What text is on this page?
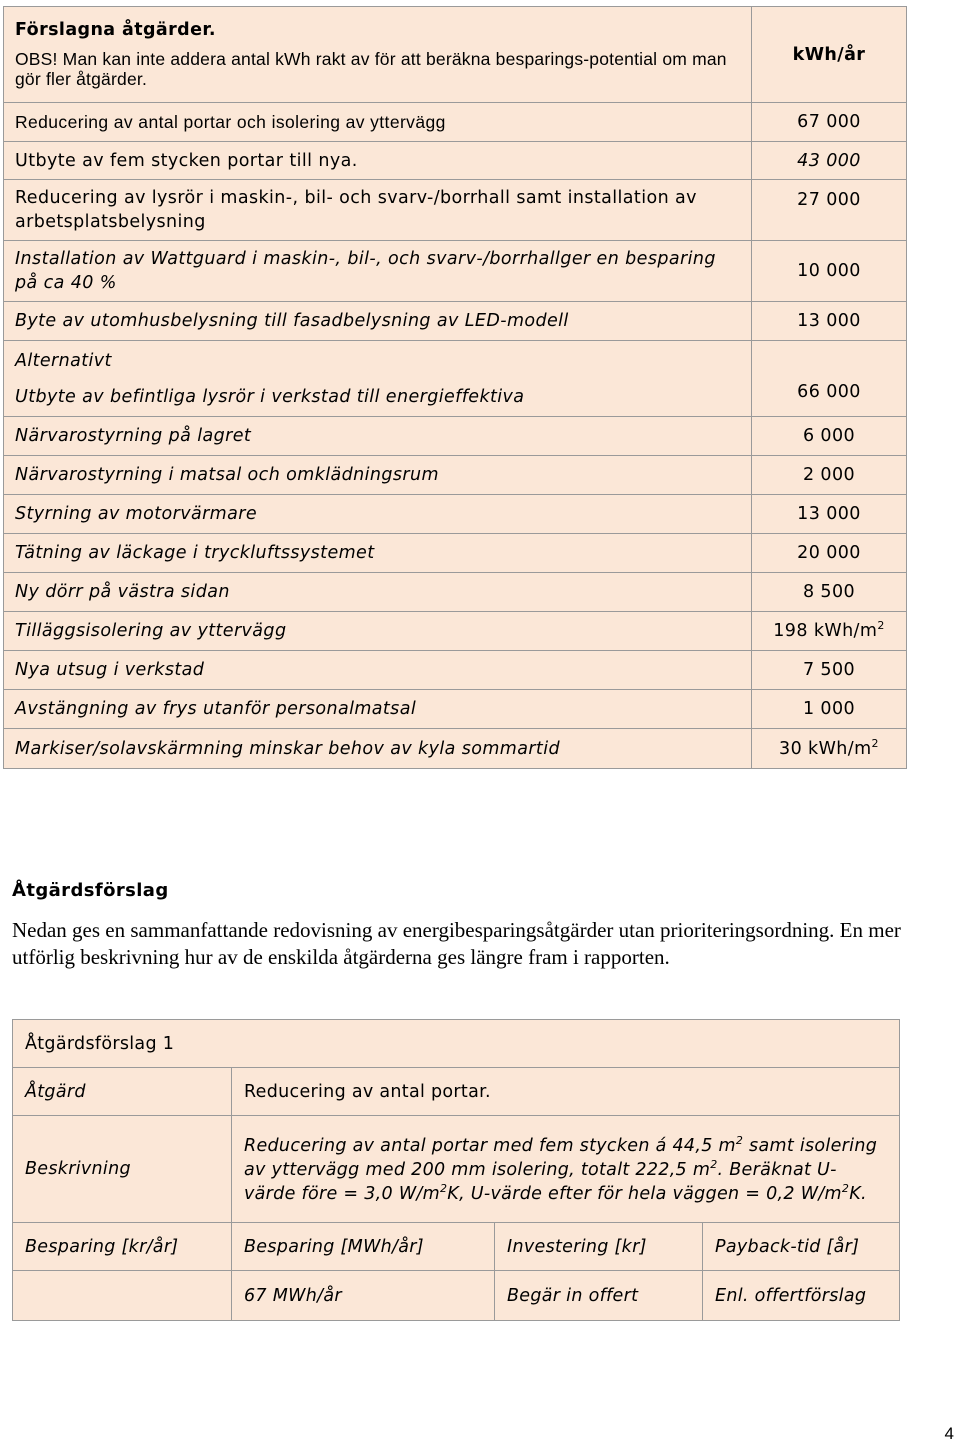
Förslagna åtgärder.
OBS! Man kan inte addera antal kWh rakt av för att beräkna besparings-potential om man gör fler åtgärder.	kWh/år
Reducering av antal portar och isolering av yttervägg	67 000
Utbyte av fem stycken portar till nya.	43 000
Reducering av lysrör i maskin-, bil- och svarv-/borrhall samt installation av arbetsplatsbelysning	27 000
Installation av Wattguard i maskin-, bil-, och svarv-/borrhallger en besparing på ca 40 %	10 000
Byte av utomhusbelysning till fasadbelysning av LED-modell	13 000

Alternativt
Utbyte av befintliga lysrör i verkstad till energieffektiva	66 000
Närvarostyrning på lagret	6 000
Närvarostyrning i matsal och omklädningsrum	2 000
Styrning av motorvärmare	13 000
Tätning av läckage i tryckluftssystemet	20 000
Ny dörr på västra sidan	8 500
Tilläggsisolering av yttervägg	198 kWh/$m^2$
Nya utsug i verkstad	7 500
Avstängning av frys utanför personalmatsal	1 000
Markiser/solavskärmning minskar behov av kyla sommartid	30 kWh/$m^2$
Åtgärdsförslag
Nedan ges en sammanfattande redovisning av energibesparingsåtgärder utan prioriteringsordning. En mer utförlig beskrivning hur av de enskilda åtgärderna ges längre fram i rapporten.
Åtgärdsförslag 1			
Åtgärd	Reducering av antal portar.		
Beskrivning	Reducering av antal portar med fem stycken á 44,5 $m^2$ samt isolering av yttervägg med 200 mm isolering, totalt 222,5 $m^2$. Beräknat U-värde före = 3,0 $W/m^2K$, U-värde efter för hela väggen = 0,2 $W/m^2K$.		
Besparing [kr/år]	Besparing [MWh/år]	Investering [kr]	Payback-tid [år]
	67 MWh/år	Begär in offert	Enl. offertförslag
4
